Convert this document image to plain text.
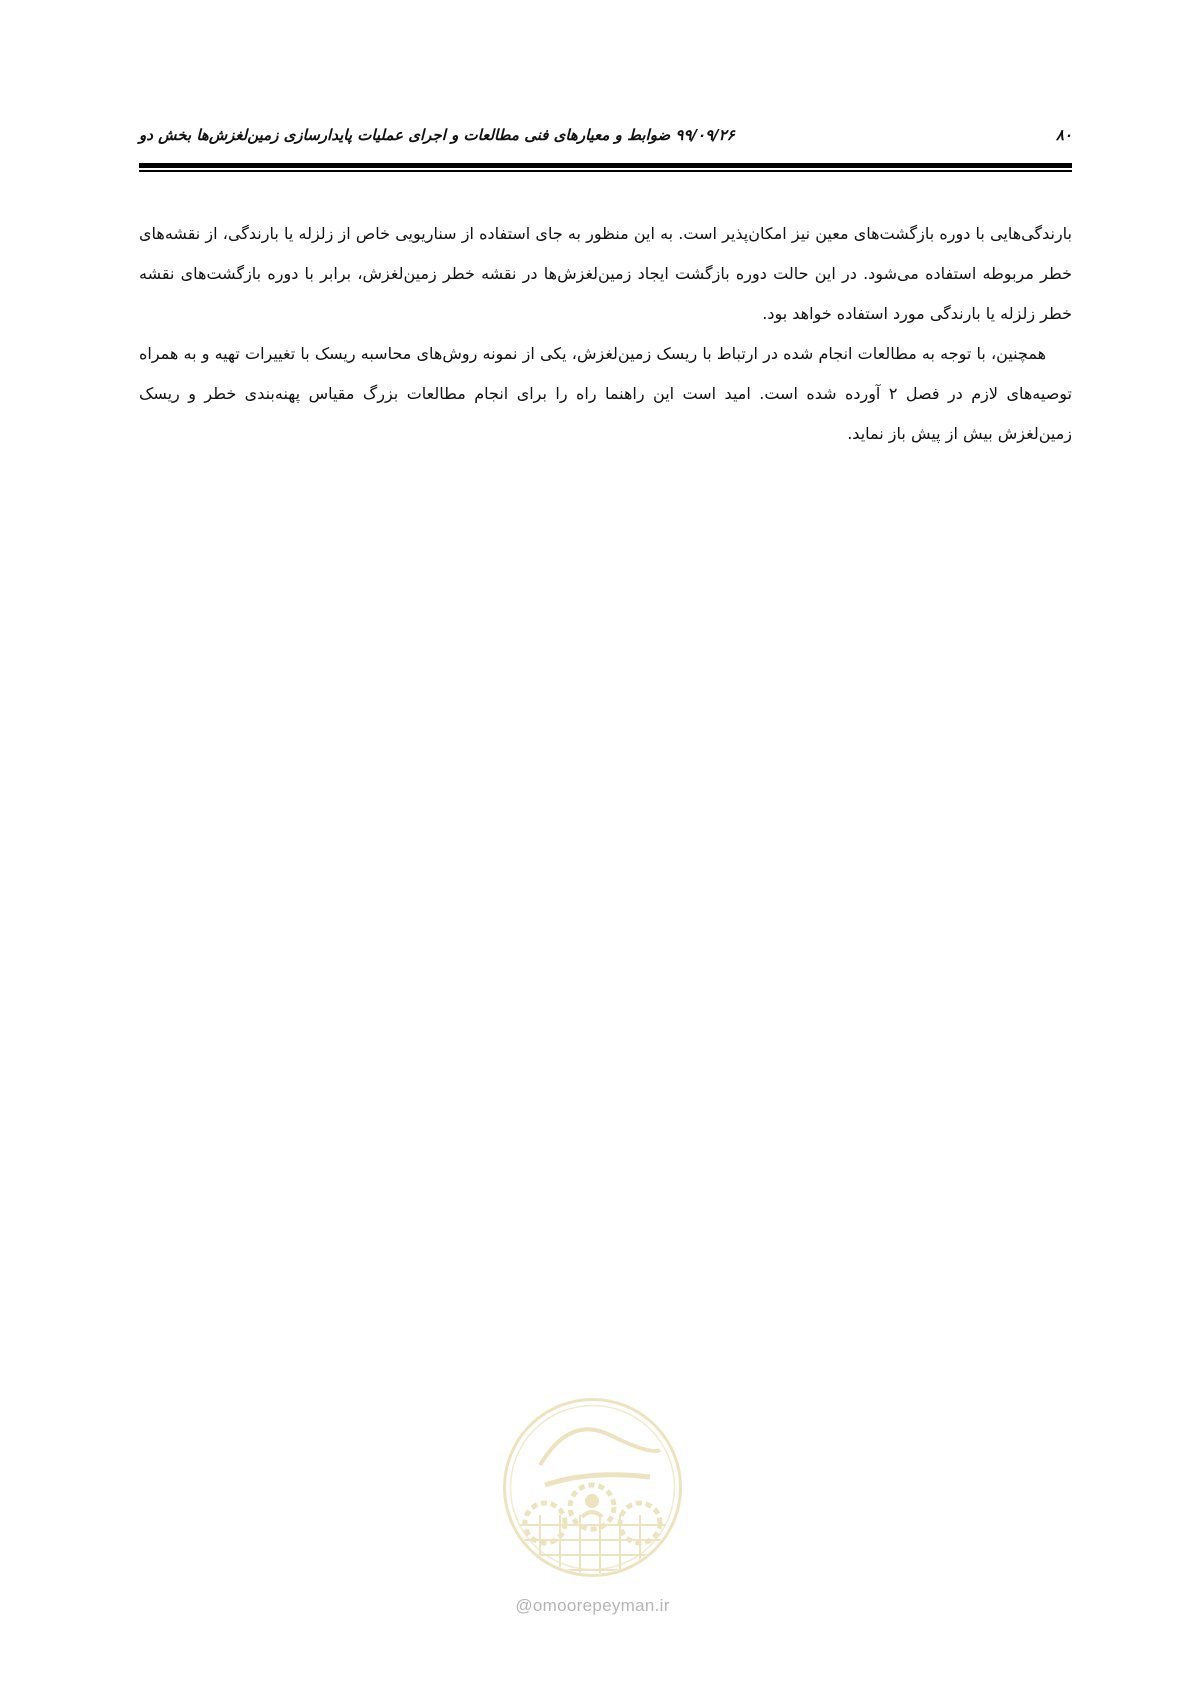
۸۰
۹۹/۰۹/۲۶ ضوابط و معیارهای فنی مطالعات و اجرای عملیات پایدارسازی زمین‌لغزش‌ها بخش دو

بارندگی‌هایی با دوره بازگشت‌های معین نیز امکان‌پذیر است. به این منظور به جای استفاده از سناریویی خاص از زلزله یا بارندگی، از نقشه‌های خطر مربوطه استفاده می‌شود. در این حالت دوره بازگشت ایجاد زمین‌لغزش‌ها در نقشه خطر زمین‌لغزش، برابر با دوره بازگشت‌های نقشه خطر زلزله یا بارندگی مورد استفاده خواهد بود.

همچنین، با توجه به مطالعات انجام شده در ارتباط با ریسک زمین‌لغزش، یکی از نمونه روش‌های محاسبه ریسک با تغییرات تهیه و به همراه توصیه‌های لازم در فصل ۲ آورده شده است. امید است این راهنما راه را برای انجام مطالعات بزرگ مقیاس پهنه‌بندی خطر و ریسک زمین‌لغزش بیش از پیش باز نماید.

@omoorepeyman.ir
